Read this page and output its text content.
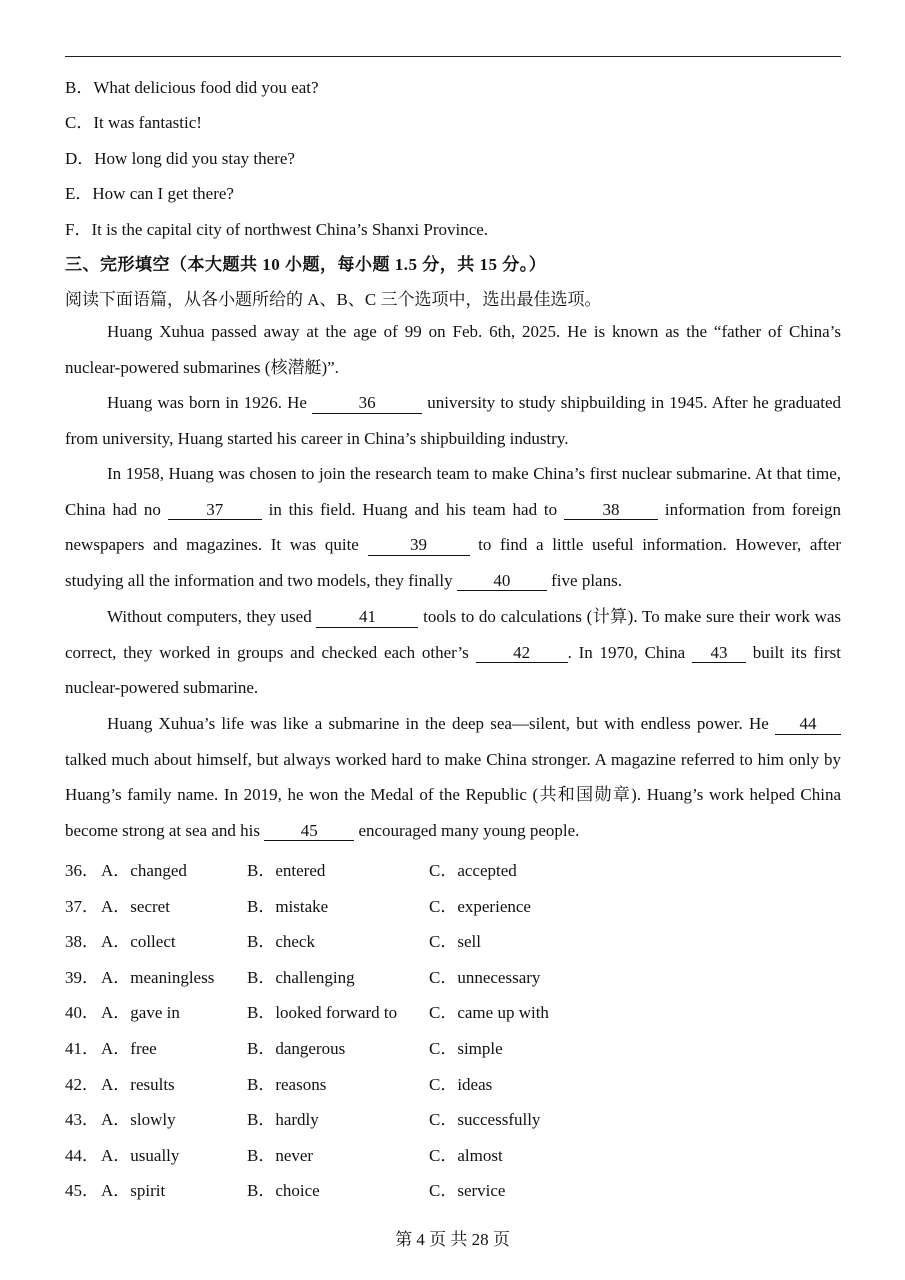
B．What delicious food did you eat?
C．It was fantastic!
D．How long did you stay there?
E．How can I get there?
F．It is the capital city of northwest China’s Shanxi Province.
三、完形填空（本大题共 10 小题，每小题 1.5 分，共 15 分。）
阅读下面语篇，从各小题所给的 A、B、C 三个选项中，选出最佳选项。
Huang Xuhua passed away at the age of 99 on Feb. 6th, 2025. He is known as the “father of China’s nuclear-powered submarines (核潜艇)”.
Huang was born in 1926. He	36	university to study shipbuilding in 1945. After he graduated from university, Huang started his career in China’s shipbuilding industry.
In 1958, Huang was chosen to join the research team to make China’s first nuclear submarine. At that time, China had no 37 in this field. Huang and his team had to 38 information from foreign newspapers and magazines. It was quite	39	to find a little useful information. However, after studying all the information and two models, they finally 40 five plans.
Without computers, they used	41	tools to do calculations (计算). To make sure their work was correct, they worked in groups and checked each other’s 42 . In 1970, China 43 built its first nuclear-powered submarine.
Huang Xuhua’s life was like a submarine in the deep sea—silent, but with endless power. He 44 talked much about himself, but always worked hard to make China stronger. A magazine referred to him only by Huang’s family name. In 2019, he won the Medal of the Republic (共和国勋章). Huang’s work helped China become strong at sea and his 45 encouraged many young people.
36． A．changed	B．entered	C．accepted
37． A．secret	B．mistake	C．experience
38． A．collect	B．check	C．sell
39． A．meaningless B．challenging	C．unnecessary
40． A．gave in	B．looked forward to C．came up with
41． A．free	B．dangerous	C．simple
42． A．results	B．reasons	C．ideas
43． A．slowly	B．hardly	C．successfully
44． A．usually	B．never	C．almost
45． A．spirit	B．choice	C．service
第 4 页 共 28 页
